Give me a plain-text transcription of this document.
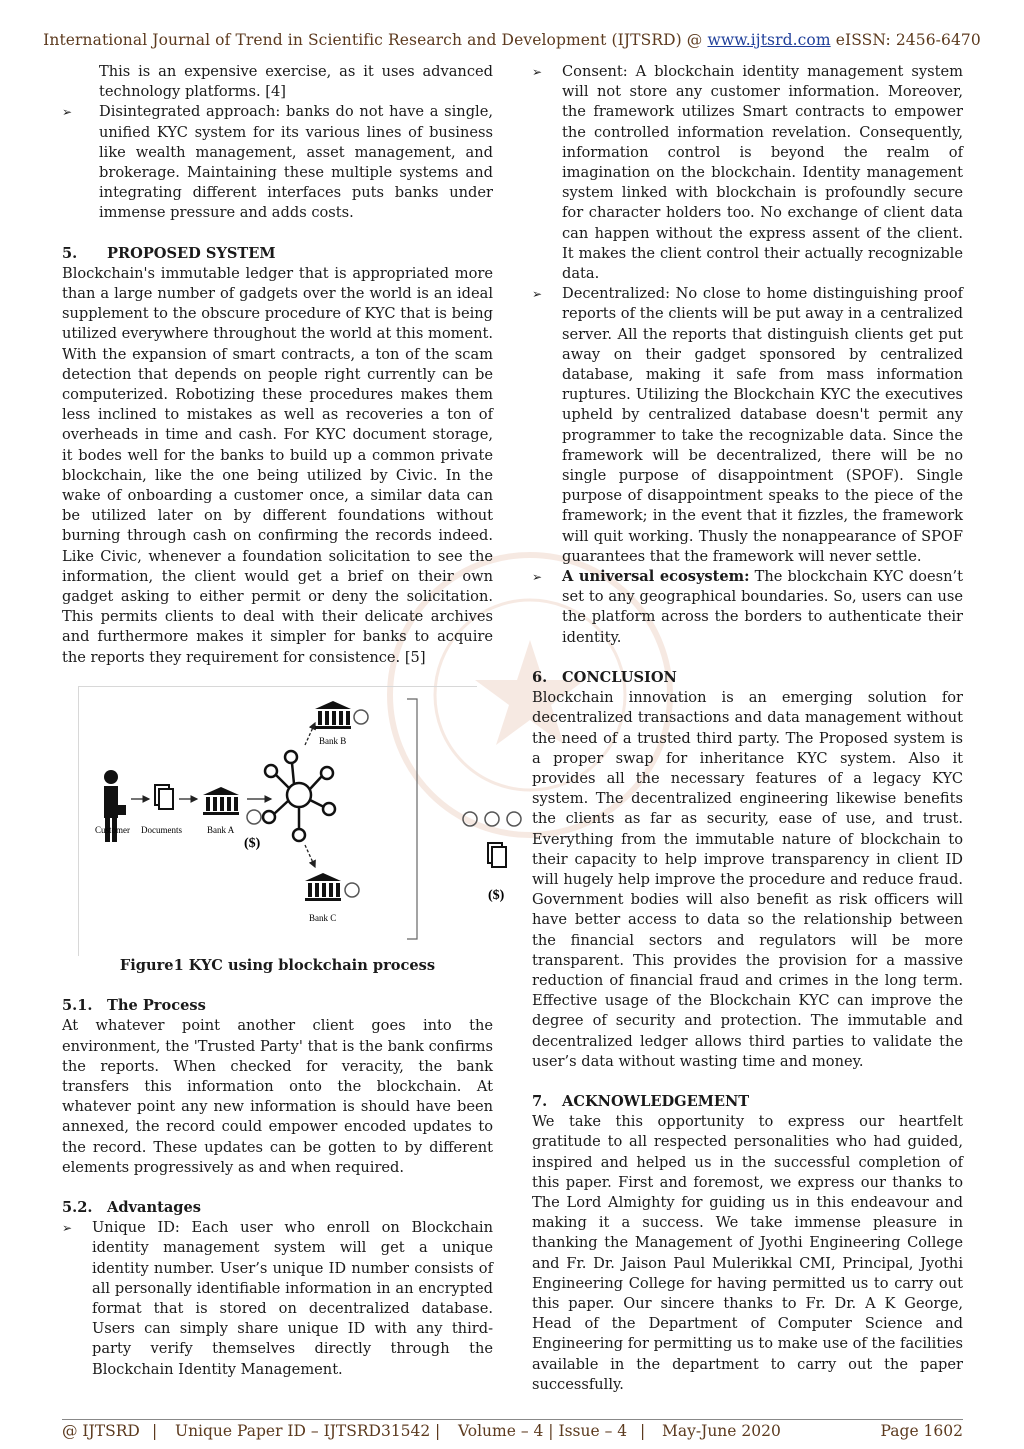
International Journal of Trend in Scientific Research and Development (IJTSRD) @ www.ijtsrd.com eISSN: 2456-6470

This is an expensive exercise, as it uses advanced technology platforms. [4]

➢	Disintegrated approach: banks do not have a single, unified KYC system for its various lines of business like wealth management, asset management, and brokerage. Maintaining these multiple systems and integrating different interfaces puts banks under immense pressure and adds costs.

5. PROPOSED SYSTEM

Blockchain's immutable ledger that is appropriated more than a large number of gadgets over the world is an ideal supplement to the obscure procedure of KYC that is being utilized everywhere throughout the world at this moment. With the expansion of smart contracts, a ton of the scam detection that depends on people right currently can be computerized. Robotizing these procedures makes them less inclined to mistakes as well as recoveries a ton of overheads in time and cash. For KYC document storage, it bodes well for the banks to build up a common private blockchain, like the one being utilized by Civic. In the wake of onboarding a customer once, a similar data can be utilized later on by different foundations without burning through cash on confirming the records indeed. Like Civic, whenever a foundation solicitation to see the information, the client would get a brief on their own gadget asking to either permit or deny the solicitation. This permits clients to deal with their delicate archives and furthermore makes it simpler for banks to acquire the reports they requirement for consistence. [5]

Customer Documents	Bank A
($)
Bank B
Bank C
($)

Figure1 KYC using blockchain process

5.1. The Process

At whatever point another client goes into the environment, the 'Trusted Party' that is the bank confirms the reports. When checked for veracity, the bank transfers this information onto the blockchain. At whatever point any new information is should have been annexed, the record could empower encoded updates to the record. These updates can be gotten to by different elements progressively as and when required.

5.2. Advantages
➢	Unique ID: Each user who enroll on Blockchain identity management system will get a unique identity number. User’s unique ID number consists of all personally identifiable information in an encrypted format that is stored on decentralized database. Users can simply share unique ID with any third-party verify themselves directly through the Blockchain Identity Management.

➢	Consent: A blockchain identity management system will not store any customer information. Moreover, the framework utilizes Smart contracts to empower the controlled information revelation. Consequently, information control is beyond the realm of imagination on the blockchain. Identity management system linked with blockchain is profoundly secure for character holders too. No exchange of client data can happen without the express assent of the client. It makes the client control their actually recognizable data.

➢	Decentralized: No close to home distinguishing proof reports of the clients will be put away in a centralized server. All the reports that distinguish clients get put away on their gadget sponsored by centralized database, making it safe from mass information ruptures. Utilizing the Blockchain KYC the executives upheld by centralized database doesn't permit any programmer to take the recognizable data. Since the framework will be decentralized, there will be no single purpose of disappointment (SPOF). Single purpose of disappointment speaks to the piece of the framework; in the event that it fizzles, the framework will quit working. Thusly the nonappearance of SPOF guarantees that the framework will never settle.

➢	A universal ecosystem: The blockchain KYC doesn’t set to any geographical boundaries. So, users can use the platform across the borders to authenticate their identity.

6. CONCLUSION

Blockchain innovation is an emerging solution for decentralized transactions and data management without the need of a trusted third party. The Proposed system is a proper swap for inheritance KYC system. Also it provides all the necessary features of a legacy KYC system. The decentralized engineering likewise benefits the clients as far as security, ease of use, and trust. Everything from the immutable nature of blockchain to their capacity to help improve transparency in client ID will hugely help improve the procedure and reduce fraud. Government bodies will also benefit as risk officers will have better access to data so the relationship between the financial sectors and regulators will be more transparent. This provides the provision for a massive reduction of financial fraud and crimes in the long term. Effective usage of the Blockchain KYC can improve the degree of security and protection. The immutable and decentralized ledger allows third parties to validate the user’s data without wasting time and money.

7. ACKNOWLEDGEMENT

We take this opportunity to express our heartfelt gratitude to all respected personalities who had guided, inspired and helped us in the successful completion of this paper. First and foremost, we express our thanks to The Lord Almighty for guiding us in this endeavour and making it a success. We take immense pleasure in thanking the Management of Jyothi Engineering College and Fr. Dr. Jaison Paul Mulerikkal CMI, Principal, Jyothi Engineering College for having permitted us to carry out this paper. Our sincere thanks to Fr. Dr. A K George, Head of the Department of Computer Science and Engineering for permitting us to make use of the facilities available in the department to carry out the paper successfully.

@ IJTSRD | Unique Paper ID – IJTSRD31542 | Volume – 4 | Issue – 4 | May-June 2020	Page 1602
